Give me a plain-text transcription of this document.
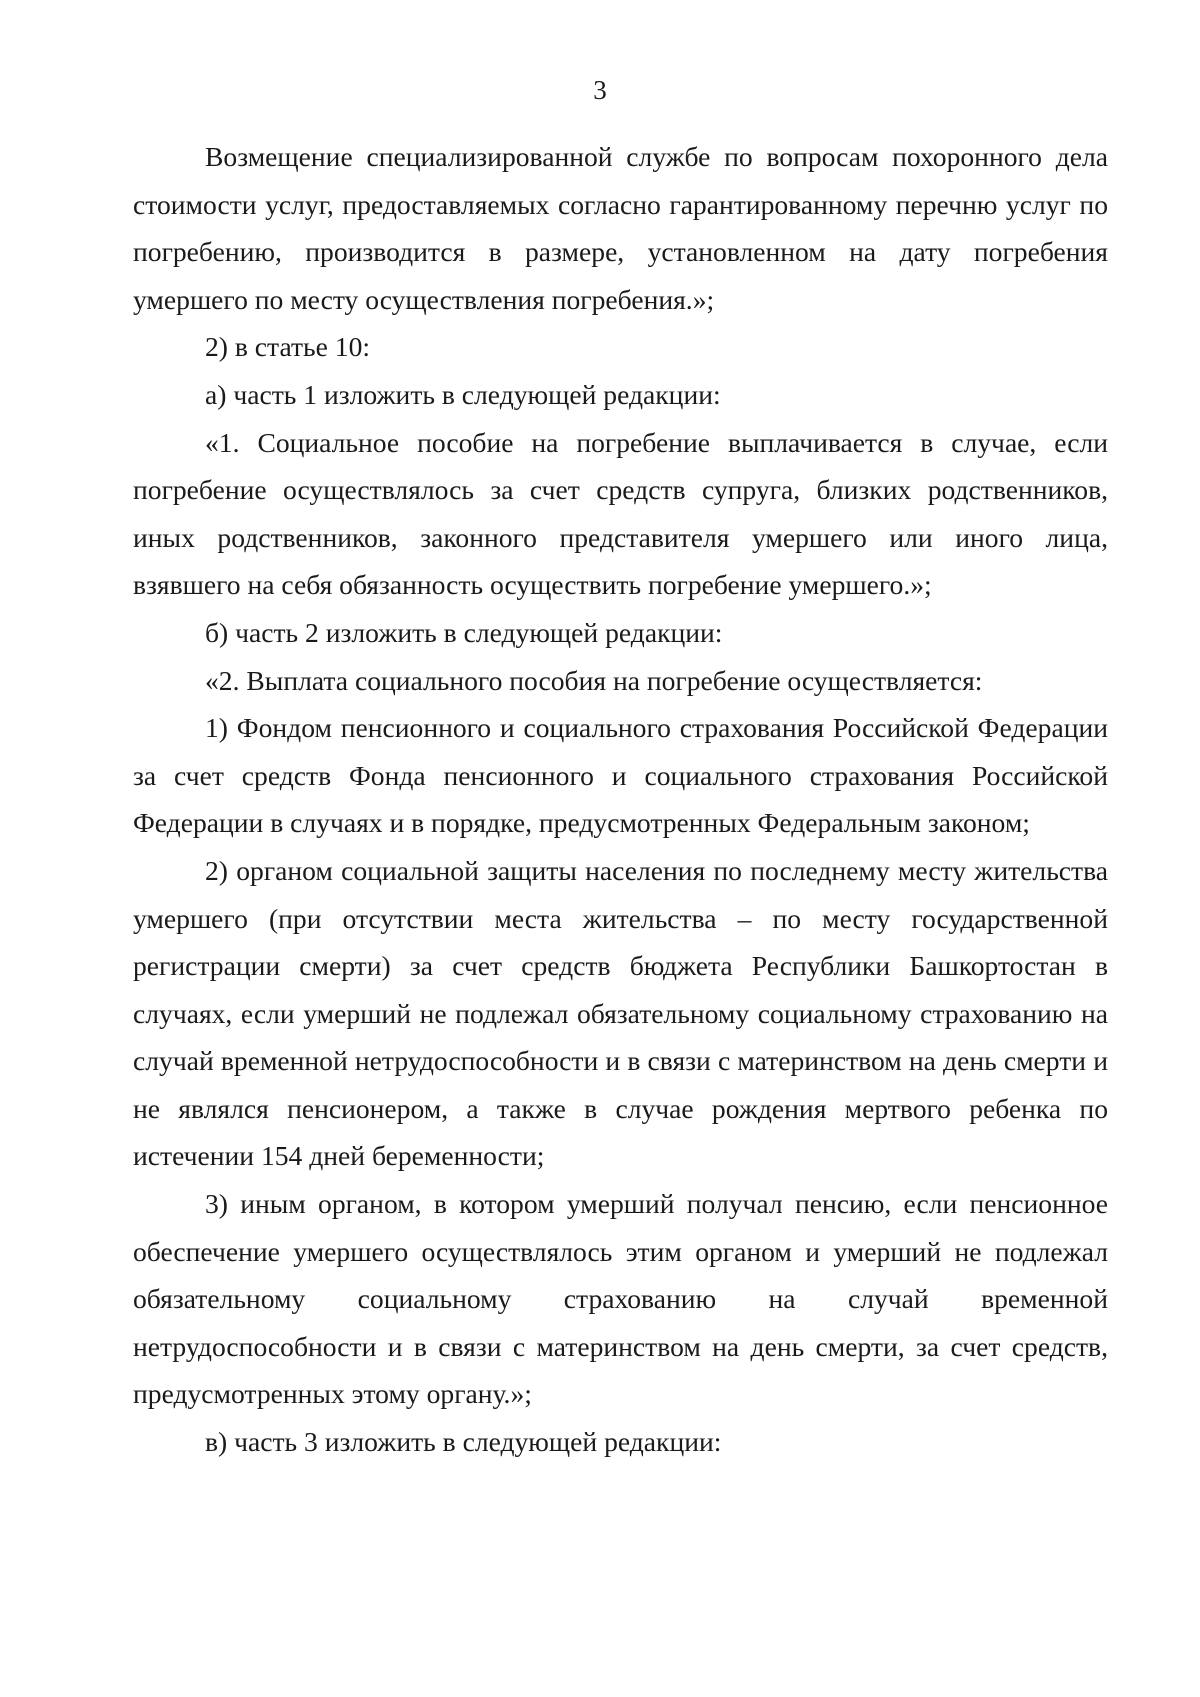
3

Возмещение специализированной службе по вопросам похоронного дела стоимости услуг, предоставляемых согласно гарантированному перечню услуг по погребению, производится в размере, установленном на дату погребения умершего по месту осуществления погребения.»;

2) в статье 10:

а) часть 1 изложить в следующей редакции:

«1. Социальное пособие на погребение выплачивается в случае, если погребение осуществлялось за счет средств супруга, близких родственников, иных родственников, законного представителя умершего или иного лица, взявшего на себя обязанность осуществить погребение умершего.»;

б) часть 2 изложить в следующей редакции:

«2. Выплата социального пособия на погребение осуществляется:

1) Фондом пенсионного и социального страхования Российской Федерации за счет средств Фонда пенсионного и социального страхования Российской Федерации в случаях и в порядке, предусмотренных Федеральным законом;

2) органом социальной защиты населения по последнему месту жительства умершего (при отсутствии места жительства – по месту государственной регистрации смерти) за счет средств бюджета Республики Башкортостан в случаях, если умерший не подлежал обязательному социальному страхованию на случай временной нетрудоспособности и в связи с материнством на день смерти и не являлся пенсионером, а также в случае рождения мертвого ребенка по истечении 154 дней беременности;

3) иным органом, в котором умерший получал пенсию, если пенсионное обеспечение умершего осуществлялось этим органом и умерший не подлежал обязательному социальному страхованию на случай временной нетрудоспособности и в связи с материнством на день смерти, за счет средств, предусмотренных этому органу.»;

в) часть 3 изложить в следующей редакции:
